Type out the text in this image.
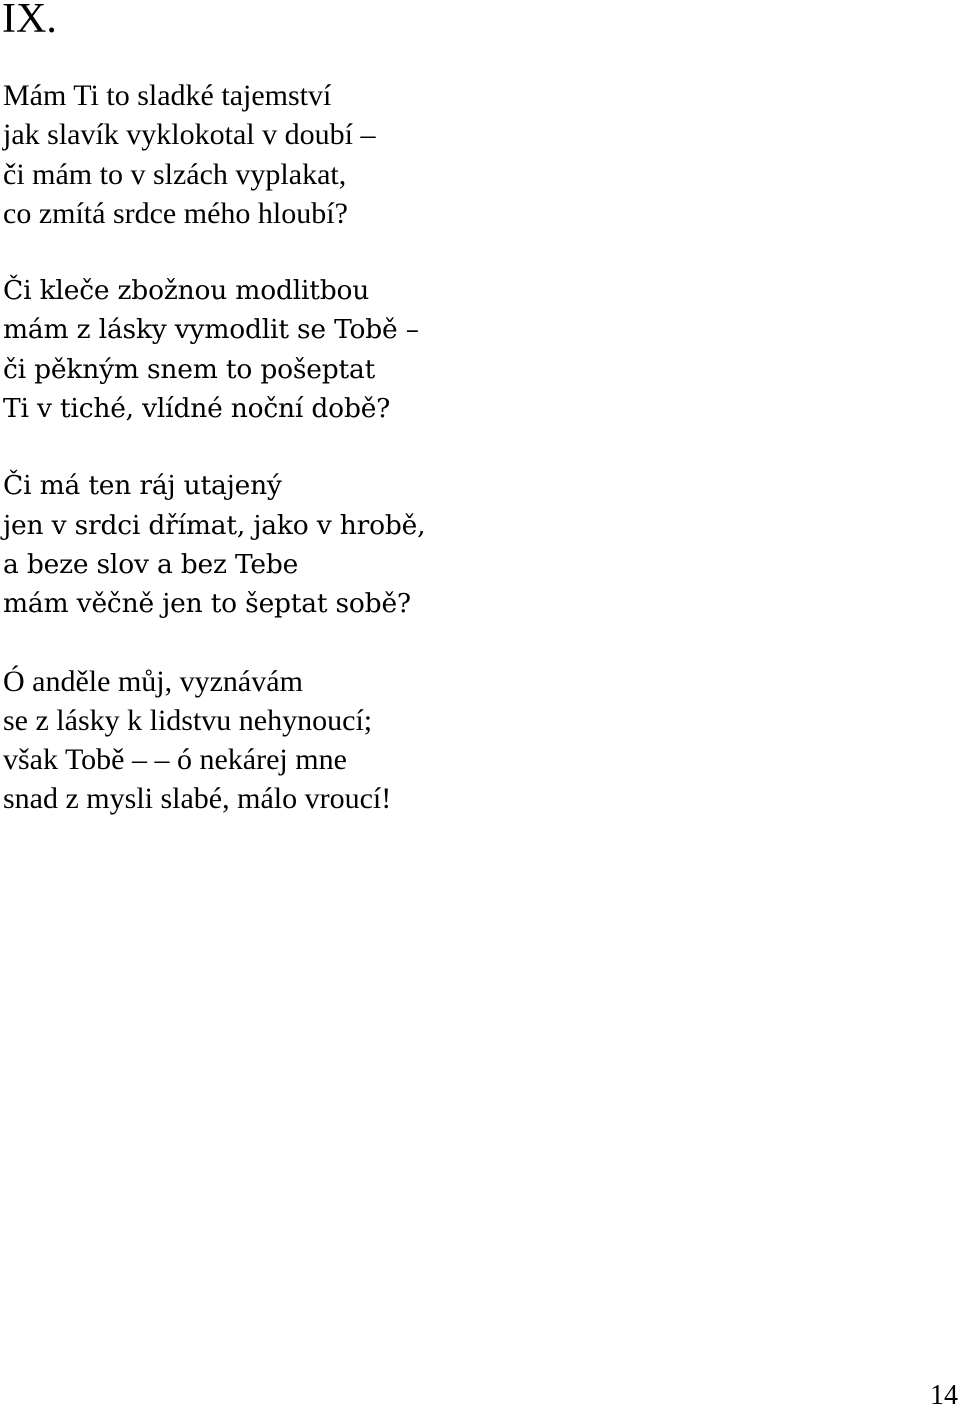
IX.
Mám Ti to sladké tajemství
jak slavík vyklokotal v doubí –
či mám to v slzách vyplakat,
co zmítá srdce mého hloubí?
Či kleče zbožnou modlitbou
mám z lásky vymodlit se Tobě –
či pěkným snem to pošeptat
Ti v tiché, vlídné noční době?
Či má ten ráj utajený
jen v srdci dřímat, jako v hrobě,
a beze slov a bez Tebe
mám věčně jen to šeptat sobě?
Ó anděle můj, vyznávám
se z lásky k lidstvu nehynoucí;
však Tobě – – ó nekárej mne
snad z mysli slabé, málo vroucí!
14
